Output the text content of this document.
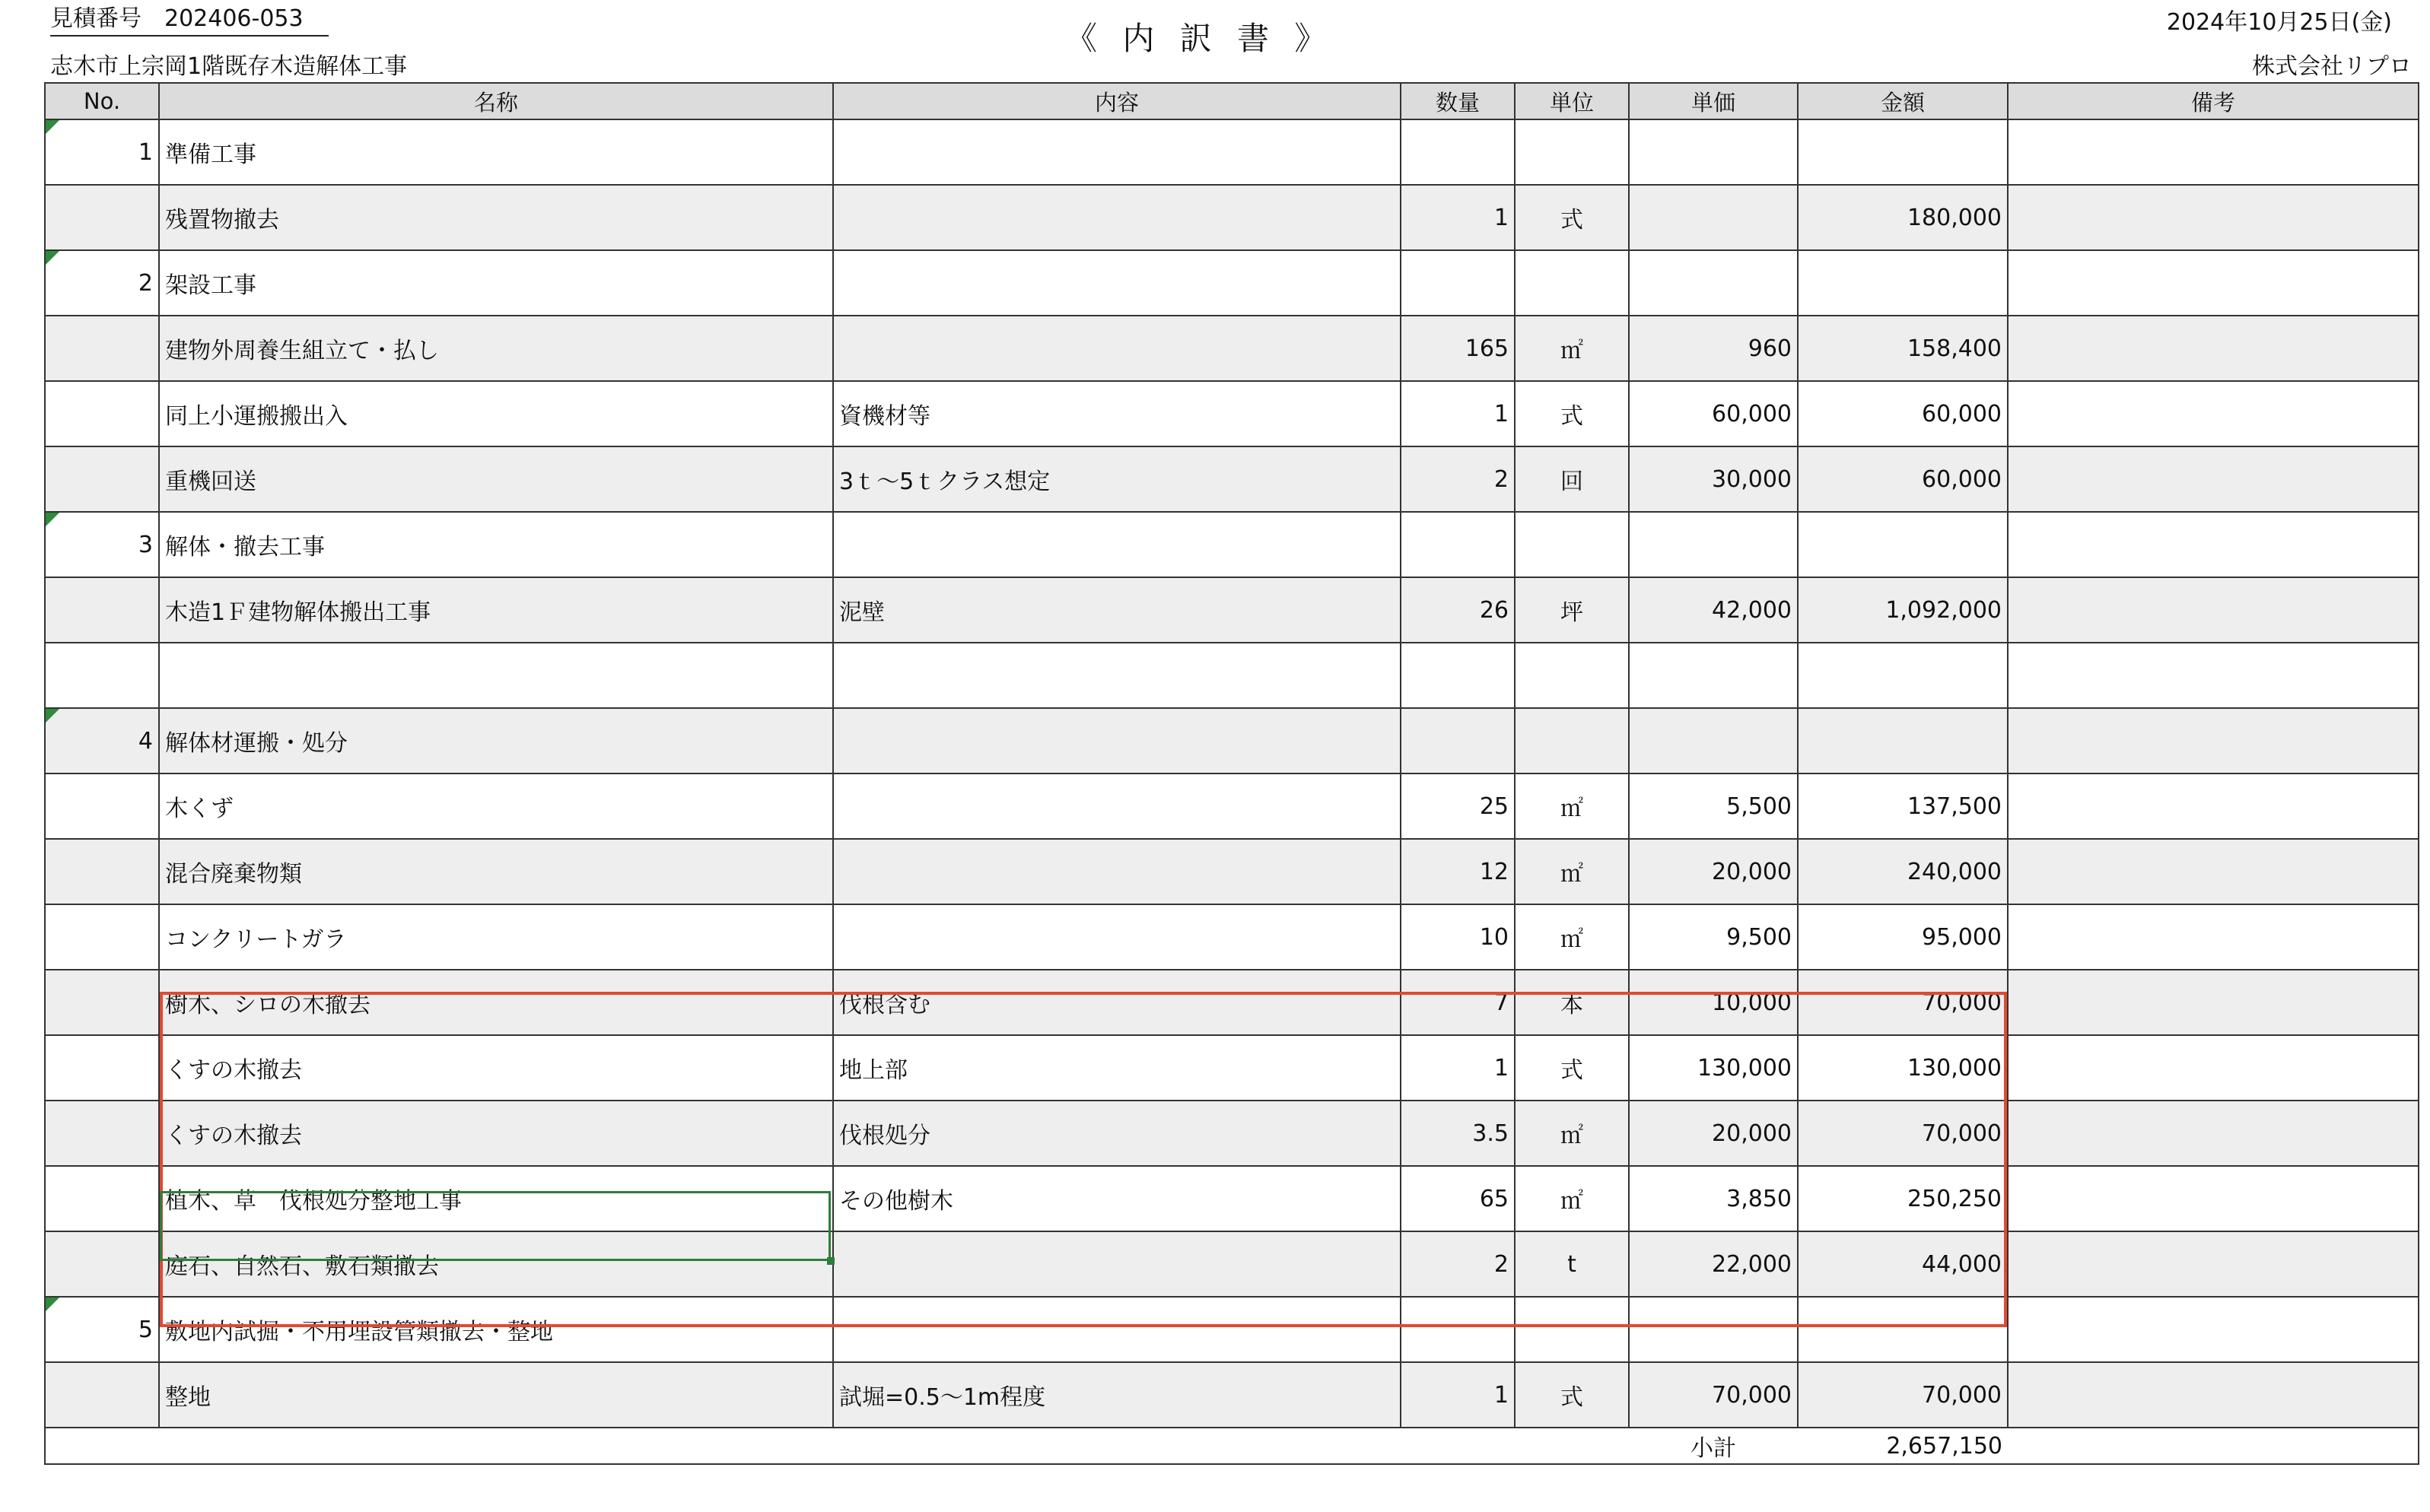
見積番号 202406-053
《 内 訳 書 》	2024年10月25日(金)
志木市上宗岡1階既存木造解体工事	株式会社リプロ
No.	名称	内容	数量	単位	単価	金額	備考
1	準備工事						
	残置物撤去		1	式		180,000	
2	架設工事						
	建物外周養生組立て・払し		165	㎡	960	158,400	
	同上小運搬搬出入	資機材等	1	式	60,000	60,000	
	重機回送	3ｔ～5ｔクラス想定	2	回	30,000	60,000	
3	解体・撤去工事						
	木造1Ｆ建物解体搬出工事	泥壁	26	坪	42,000	1,092,000	

4	解体材運搬・処分						
	木くず		25	㎡	5,500	137,500	
	混合廃棄物類		12	㎡	20,000	240,000	
	コンクリートガラ		10	㎡	9,500	95,000	
	樹木、シロの木撤去	伐根含む	7	本	10,000	70,000	
	くすの木撤去	地上部	1	式	130,000	130,000	
	くすの木撤去	伐根処分	3.5	㎡	20,000	70,000	
	植木、草　伐根処分整地工事	その他樹木	65	㎡	3,850	250,250	
	庭石、自然石、敷石類撤去		2	t	22,000	44,000	
5	敷地内試掘・不用埋設管類撤去・整地						
	整地	試堀=0.5～1m程度	1	式	70,000	70,000	
					小計	2,657,150	
